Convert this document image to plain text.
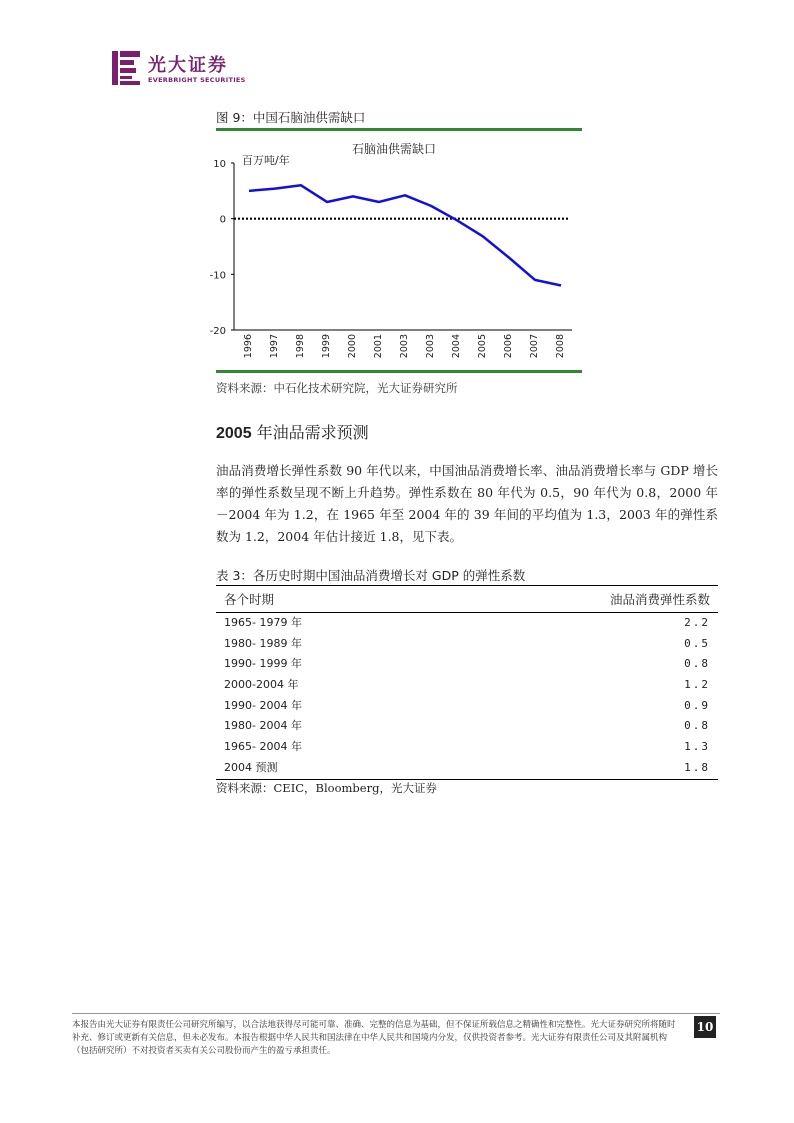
光大证券
EVERBRIGHT SECURITIES
图 9：中国石脑油供需缺口
石脑油供需缺口
百万吨/年
10
0
-10
-20
1996 1997 1998 1999 2000 2001 2003 2003 2004 2005 2006 2007 2008
资料来源：中石化技术研究院，光大证券研究所
2005 年油品需求预测
油品消费增长弹性系数 90 年代以来，中国油品消费增长率、油品消费增长率与 GDP 增长率的弹性系数呈现不断上升趋势。弹性系数在 80 年代为 0.5，90 年代为 0.8，2000 年－2004 年为 1.2，在 1965 年至 2004 年的 39 年间的平均值为 1.3，2003 年的弹性系数为 1.2，2004 年估计接近 1.8，见下表。
表 3：各历史时期中国油品消费增长对 GDP 的弹性系数
各个时期	油品消费弹性系数
1965- 1979 年	2.2
1980- 1989 年	0.5
1990- 1999 年	0.8
2000-2004 年	1.2
1990- 2004 年	0.9
1980- 2004 年	0.8
1965- 2004 年	1.3
2004 预测	1.8
资料来源：CEIC，Bloomberg，光大证券
本报告由光大证券有限责任公司研究所编写，以合法地获得尽可能可靠、准确、完整的信息为基础，但不保证所载信息之精确性和完整性。光大证券研究所将随时补充、修订或更新有关信息，但未必发布。本报告根据中华人民共和国法律在中华人民共和国境内分发，仅供投资者参考。光大证券有限责任公司及其附属机构（包括研究所）不对投资者买卖有关公司股份而产生的盈亏承担责任。
10
